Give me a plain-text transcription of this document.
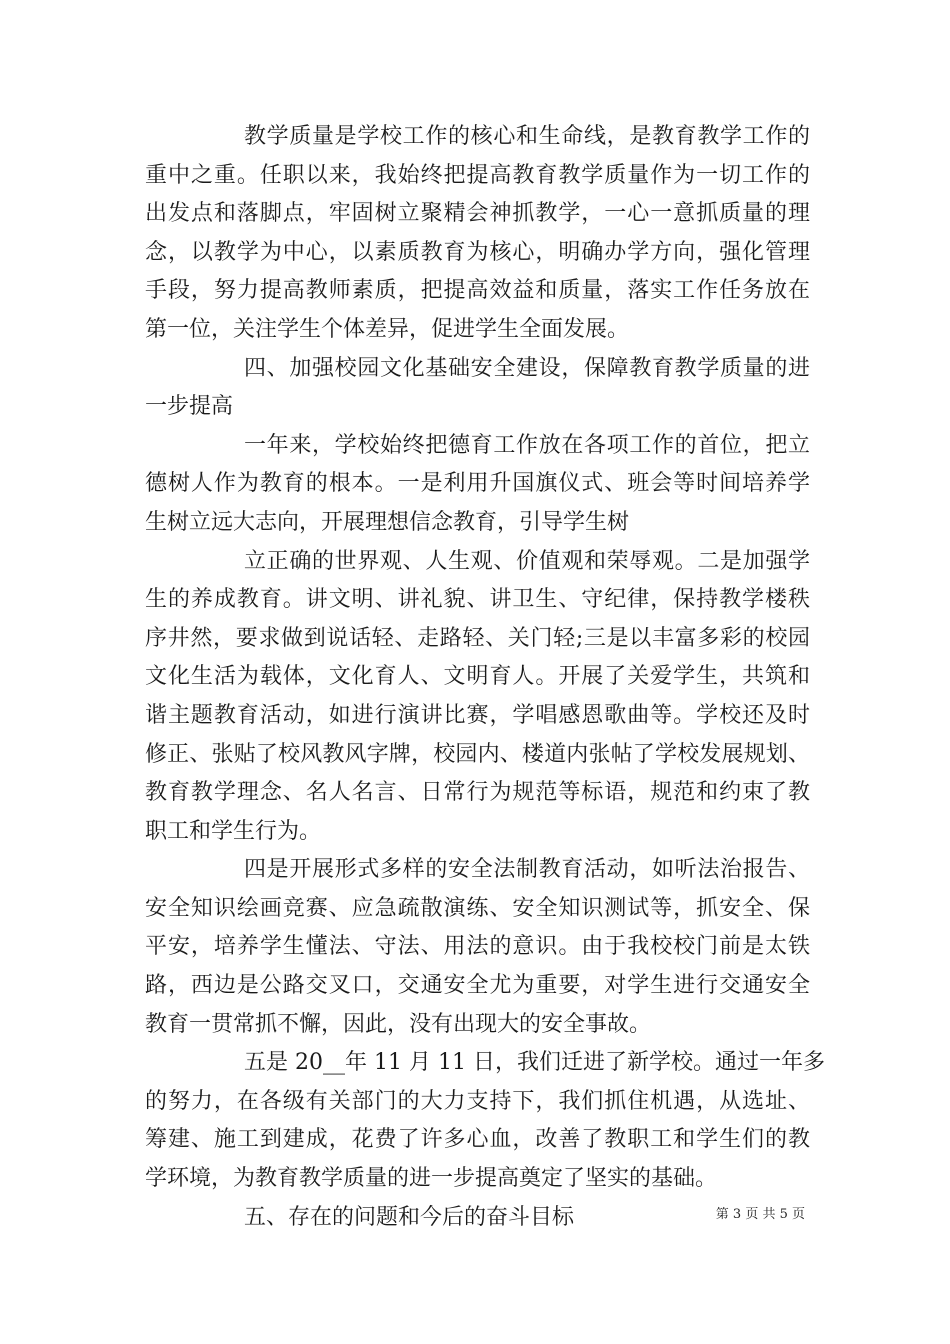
教学质量是学校工作的核心和生命线，是教育教学工作的
重中之重。任职以来，我始终把提高教育教学质量作为一切工作的
出发点和落脚点，牢固树立聚精会神抓教学，一心一意抓质量的理
念，以教学为中心，以素质教育为核心，明确办学方向，强化管理
手段，努力提高教师素质，把提高效益和质量，落实工作任务放在
第一位，关注学生个体差异，促进学生全面发展。
四、加强校园文化基础安全建设，保障教育教学质量的进
一步提高
一年来，学校始终把德育工作放在各项工作的首位，把立
德树人作为教育的根本。一是利用升国旗仪式、班会等时间培养学
生树立远大志向，开展理想信念教育，引导学生树
立正确的世界观、人生观、价值观和荣辱观。二是加强学
生的养成教育。讲文明、讲礼貌、讲卫生、守纪律，保持教学楼秩
序井然，要求做到说话轻、走路轻、关门轻;三是以丰富多彩的校园
文化生活为载体，文化育人、文明育人。开展了关爱学生，共筑和
谐主题教育活动，如进行演讲比赛，学唱感恩歌曲等。学校还及时
修正、张贴了校风教风字牌，校园内、楼道内张帖了学校发展规划、
教育教学理念、名人名言、日常行为规范等标语，规范和约束了教
职工和学生行为。
四是开展形式多样的安全法制教育活动，如听法治报告、
安全知识绘画竞赛、应急疏散演练、安全知识测试等，抓安全、保
平安，培养学生懂法、守法、用法的意识。由于我校校门前是太铁
路，西边是公路交叉口，交通安全尤为重要，对学生进行交通安全
教育一贯常抓不懈，因此，没有出现大的安全事故。
五是 20__年 11 月 11 日，我们迁进了新学校。通过一年多
的努力，在各级有关部门的大力支持下，我们抓住机遇，从选址、
筹建、施工到建成，花费了许多心血，改善了教职工和学生们的教
学环境，为教育教学质量的进一步提高奠定了坚实的基础。
五、存在的问题和今后的奋斗目标	第 3 页 共 5 页
